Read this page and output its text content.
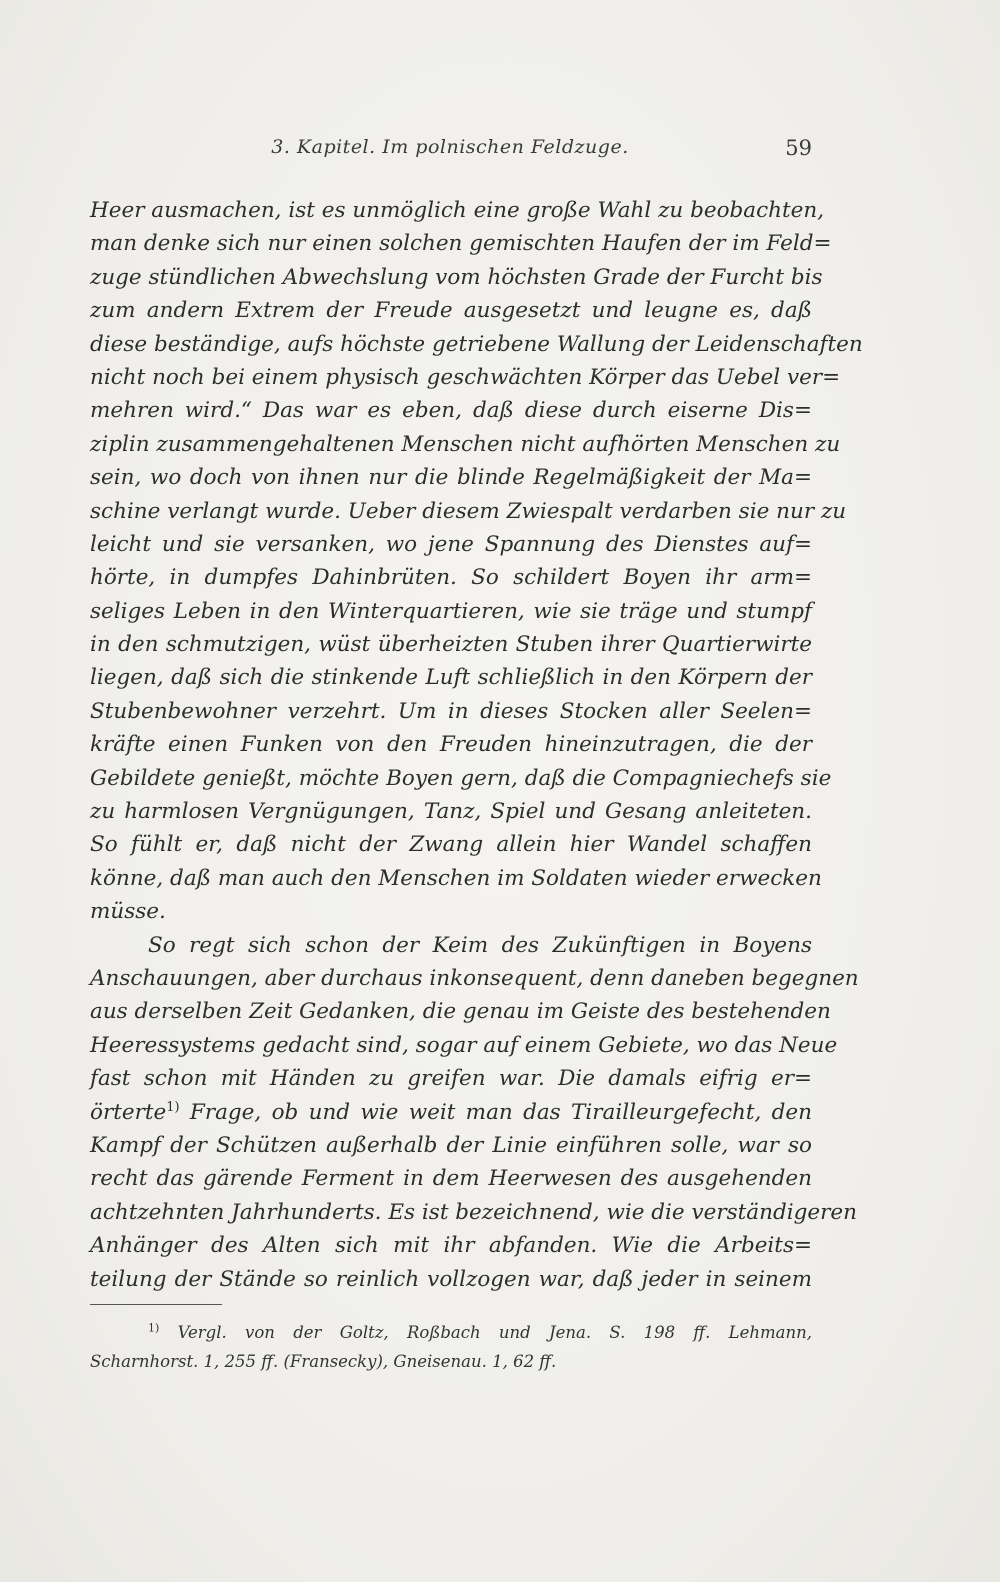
3. Kapitel. Im polnischen Feldzuge.	59
Heer ausmachen, ist es unmöglich eine große Wahl zu beobachten,
man denke sich nur einen solchen gemischten Haufen der im Feld=
zuge stündlichen Abwechslung vom höchsten Grade der Furcht bis
zum andern Extrem der Freude ausgesetzt und leugne es, daß
diese beständige, aufs höchste getriebene Wallung der Leidenschaften
nicht noch bei einem physisch geschwächten Körper das Uebel ver=
mehren wird.“ Das war es eben, daß diese durch eiserne Dis=
ziplin zusammengehaltenen Menschen nicht aufhörten Menschen zu
sein, wo doch von ihnen nur die blinde Regelmäßigkeit der Ma=
schine verlangt wurde. Ueber diesem Zwiespalt verdarben sie nur zu
leicht und sie versanken, wo jene Spannung des Dienstes auf=
hörte, in dumpfes Dahinbrüten. So schildert Boyen ihr arm=
seliges Leben in den Winterquartieren, wie sie träge und stumpf
in den schmutzigen, wüst überheizten Stuben ihrer Quartierwirte
liegen, daß sich die stinkende Luft schließlich in den Körpern der
Stubenbewohner verzehrt. Um in dieses Stocken aller Seelen=
kräfte einen Funken von den Freuden hineinzutragen, die der
Gebildete genießt, möchte Boyen gern, daß die Compagniechefs sie
zu harmlosen Vergnügungen, Tanz, Spiel und Gesang anleiteten.
So fühlt er, daß nicht der Zwang allein hier Wandel schaffen
könne, daß man auch den Menschen im Soldaten wieder erwecken
müsse.
So regt sich schon der Keim des Zukünftigen in Boyens
Anschauungen, aber durchaus inkonsequent, denn daneben begegnen
aus derselben Zeit Gedanken, die genau im Geiste des bestehenden
Heeressystems gedacht sind, sogar auf einem Gebiete, wo das Neue
fast schon mit Händen zu greifen war. Die damals eifrig er=
örterte$^{1)}$ Frage, ob und wie weit man das Tirailleurgefecht, den
Kampf der Schützen außerhalb der Linie einführen solle, war so
recht das gärende Ferment in dem Heerwesen des ausgehenden
achtzehnten Jahrhunderts. Es ist bezeichnend, wie die verständigeren
Anhänger des Alten sich mit ihr abfanden. Wie die Arbeits=
teilung der Stände so reinlich vollzogen war, daß jeder in seinem
$^{1)}$ Vergl. von der Goltz, Roßbach und Jena. S. 198 ff. Lehmann,
Scharnhorst. 1, 255 ff. (Fransecky), Gneisenau. 1, 62 ff.
